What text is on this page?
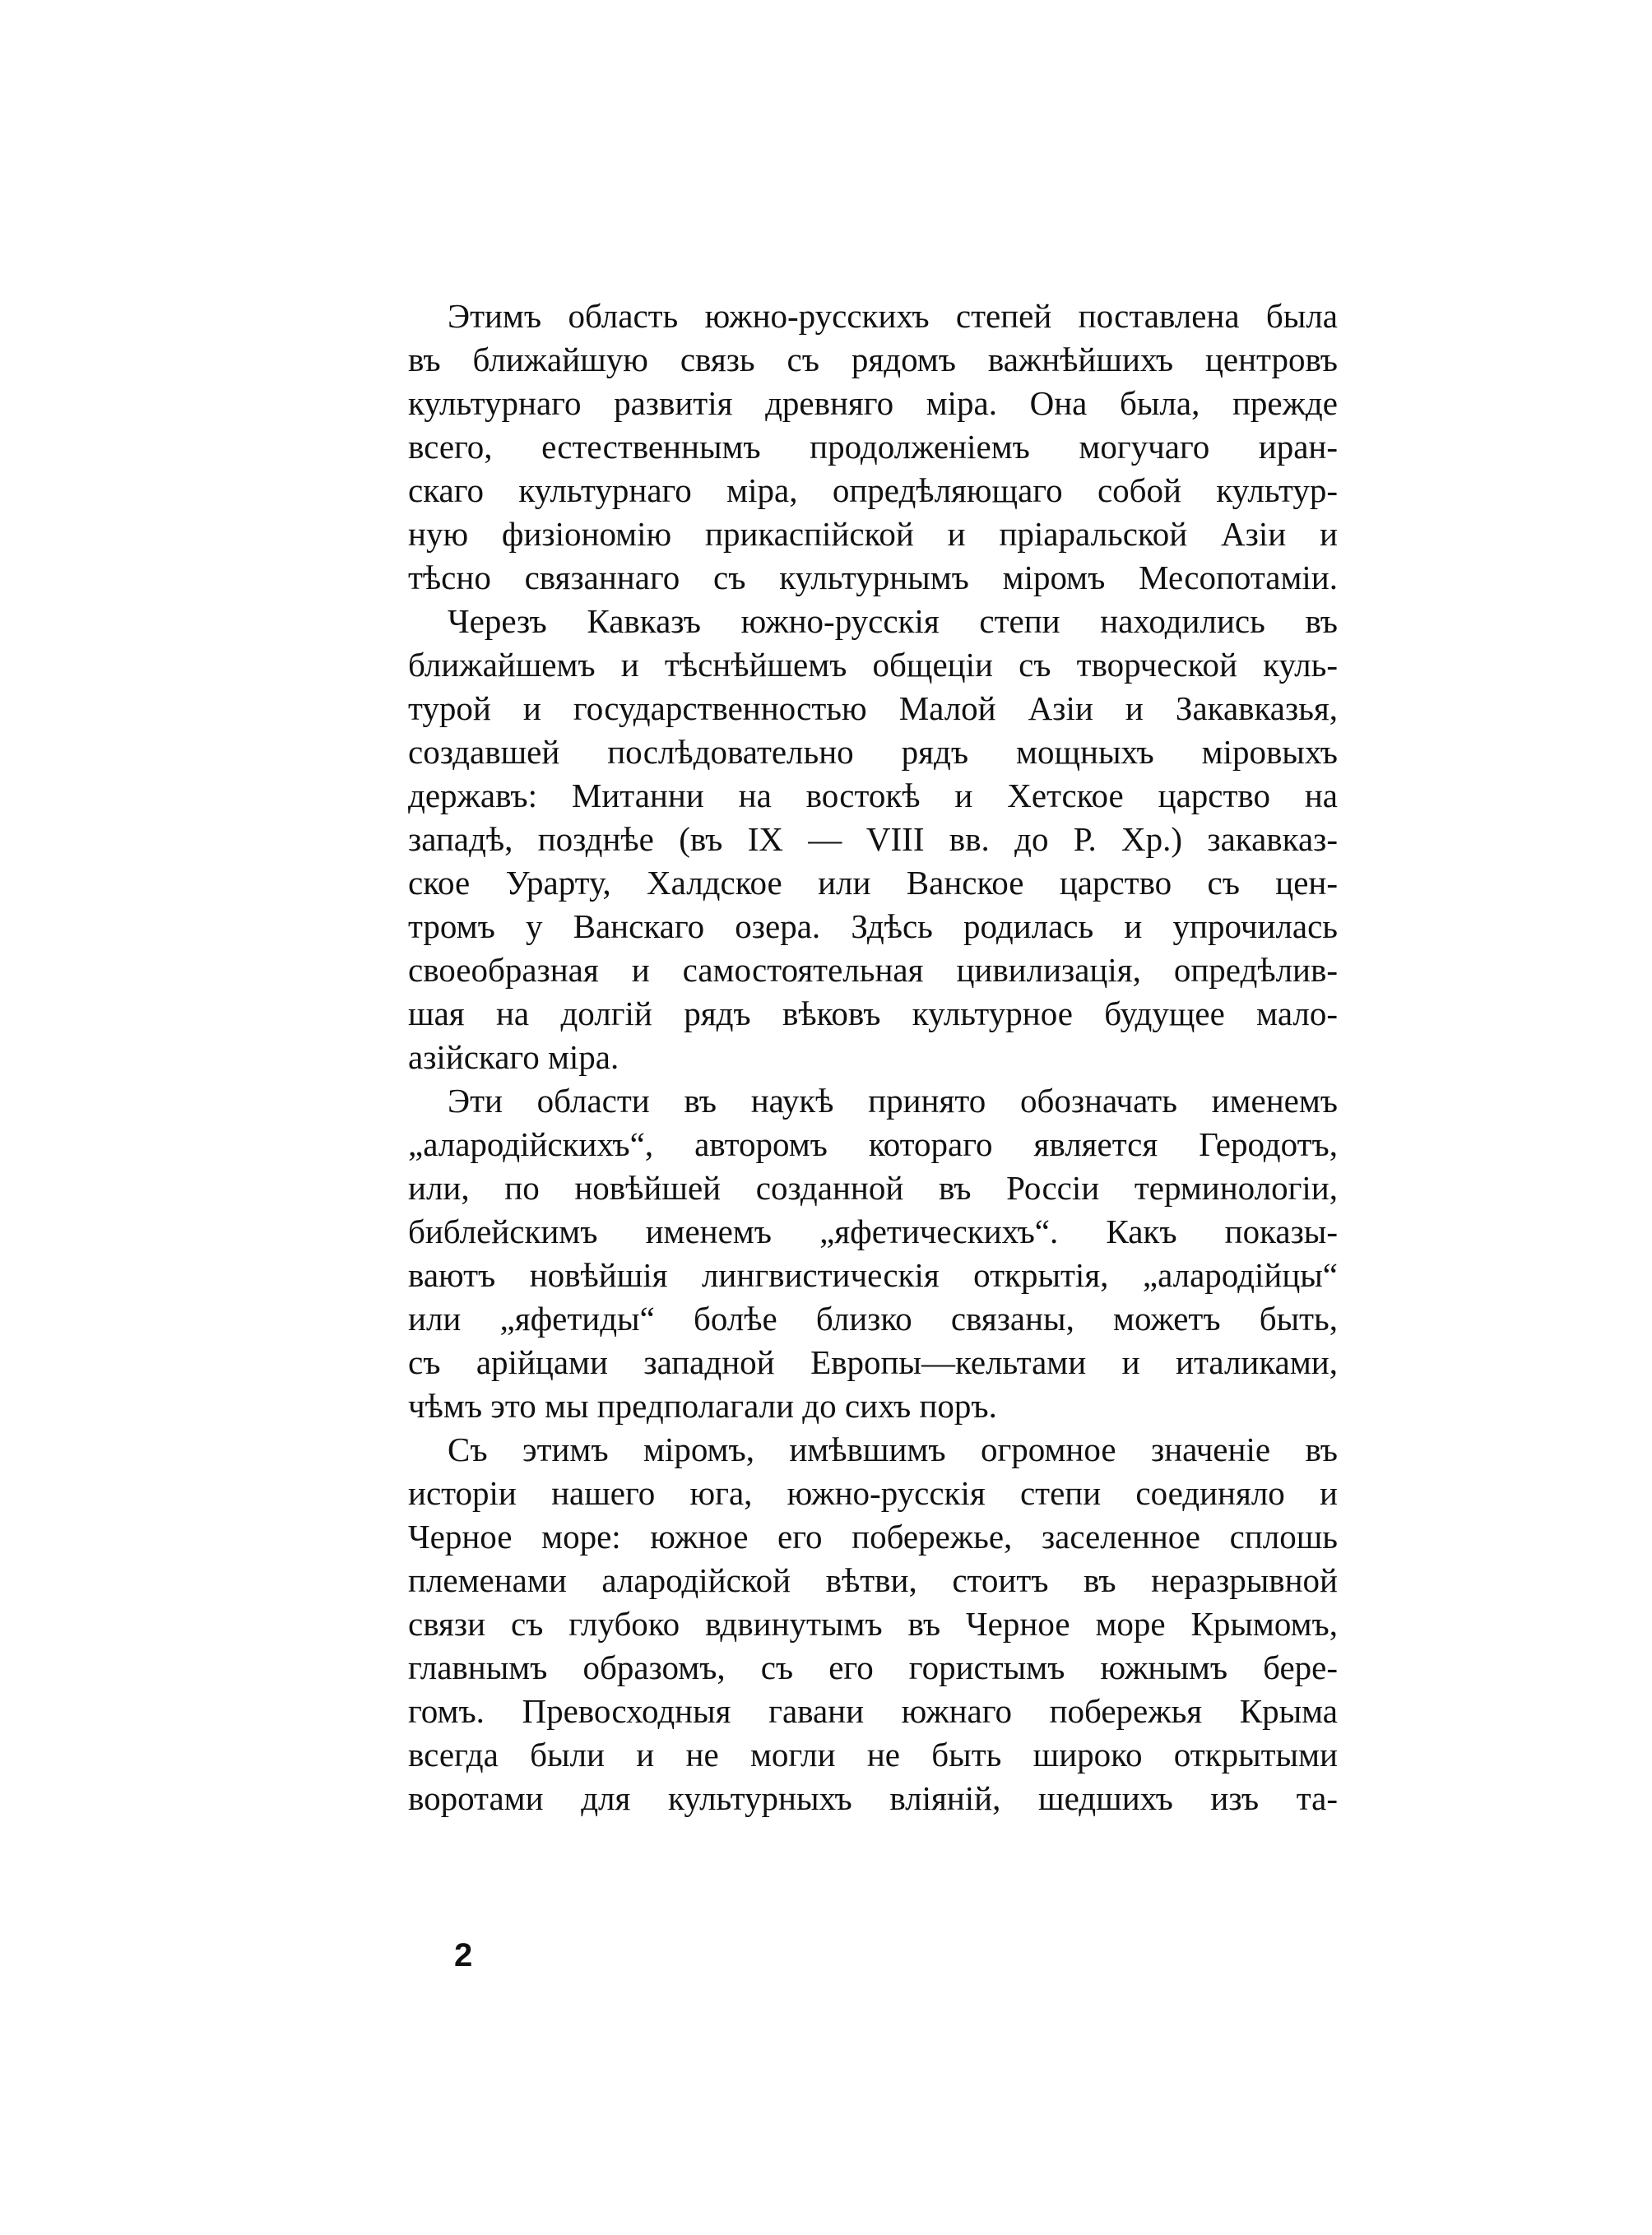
Этимъ область южно-русскихъ степей поставлена была
въ ближайшую связь съ рядомъ важнѣйшихъ центровъ
культурнаго развитія древняго міра. Она была, прежде
всего, естественнымъ продолженіемъ могучаго иран-
скаго культурнаго міра, опредѣляющаго собой культур-
ную физіономію прикаспійской и пріаральской Азіи и
тѣсно связаннаго съ культурнымъ міромъ Месопотаміи.
Черезъ Кавказъ южно-русскія степи находились въ
ближайшемъ и тѣснѣйшемъ общеціи съ творческой куль-
турой и государственностью Малой Азіи и Закавказья,
создавшей послѣдовательно рядъ мощныхъ міровыхъ
державъ: Митанни на востокѣ и Хетское царство на
западѣ, позднѣе (въ IX — VIII вв. до Р. Хр.) закавказ-
ское Урарту, Халдское или Ванское царство съ цен-
тромъ у Ванскаго озера. Здѣсь родилась и упрочилась
своеобразная и самостоятельная цивилизація, опредѣлив-
шая на долгій рядъ вѣковъ культурное будущее мало-
азійскаго міра.
Эти области въ наукѣ принято обозначать именемъ
„алародійскихъ“, авторомъ котораго является Геродотъ,
или, по новѣйшей созданной въ Россіи терминологіи,
библейскимъ именемъ „яфетическихъ“. Какъ показы-
ваютъ новѣйшія лингвистическія открытія, „алародійцы“
или „яфетиды“ болѣе близко связаны, можетъ быть,
съ арійцами западной Европы—кельтами и италиками,
чѣмъ это мы предполагали до сихъ поръ.
Съ этимъ міромъ, имѣвшимъ огромное значеніе въ
исторіи нашего юга, южно-русскія степи соединяло и
Черное море: южное его побережье, заселенное сплошь
племенами алародійской вѣтви, стоитъ въ неразрывной
связи съ глубоко вдвинутымъ въ Черное море Крымомъ,
главнымъ образомъ, съ его гористымъ южнымъ бере-
гомъ. Превосходныя гавани южнаго побережья Крыма
всегда были и не могли не быть широко открытыми
воротами для культурныхъ вліяній, шедшихъ изъ та-
2
